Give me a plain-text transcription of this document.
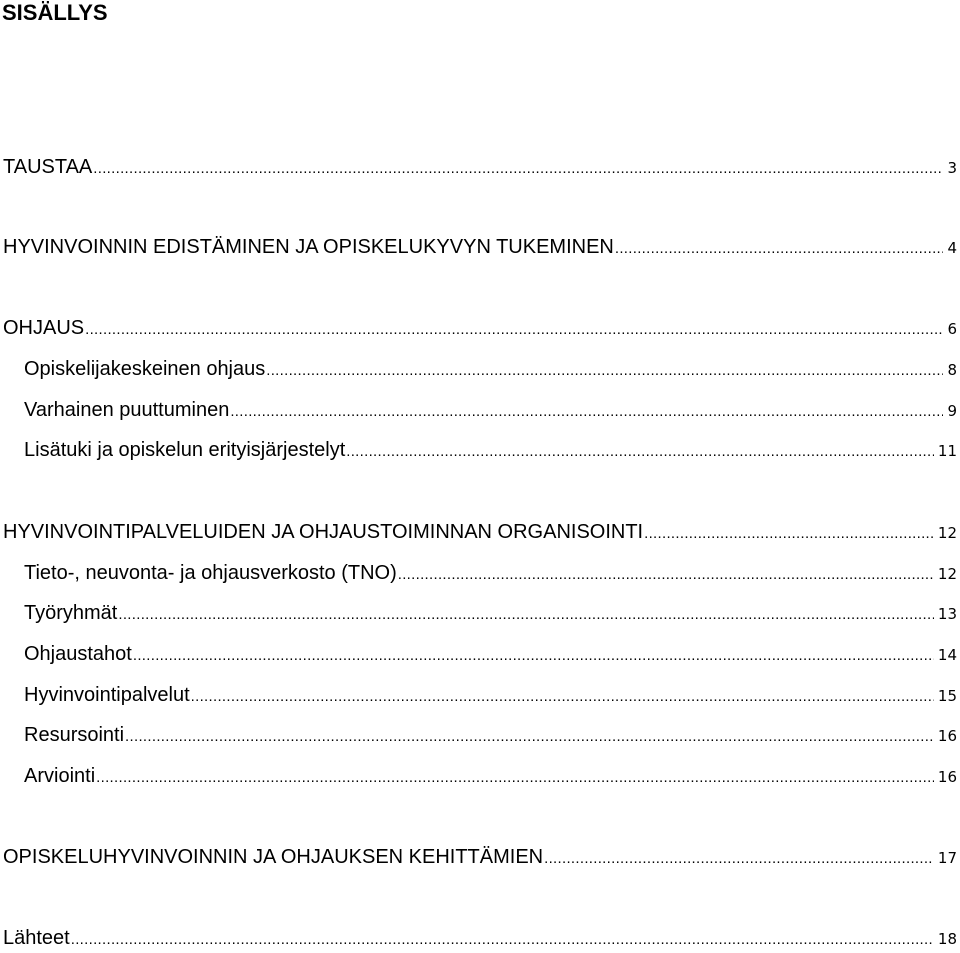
SISÄLLYS
TAUSTAA .....	3
HYVINVOINNIN EDISTÄMINEN JA OPISKELUKYVYN TUKEMINEN .....	4
OHJAUS .....	6
Opiskelijakeskeinen ohjaus .....	8
Varhainen puuttuminen .....	9
Lisätuki ja opiskelun erityisjärjestelyt .....	11
HYVINVOINTIPALVELUIDEN JA OHJAUSTOIMINNAN ORGANISOINTI .....	12
Tieto-, neuvonta- ja ohjausverkosto (TNO) .....	12
Työryhmät .....	13
Ohjaustahot .....	14
Hyvinvointipalvelut .....	15
Resursointi .....	16
Arviointi .....	16
OPISKELUHYVINVOINNIN JA OHJAUKSEN KEHITTÄMIEN .....	17
Lähteet .....	18
